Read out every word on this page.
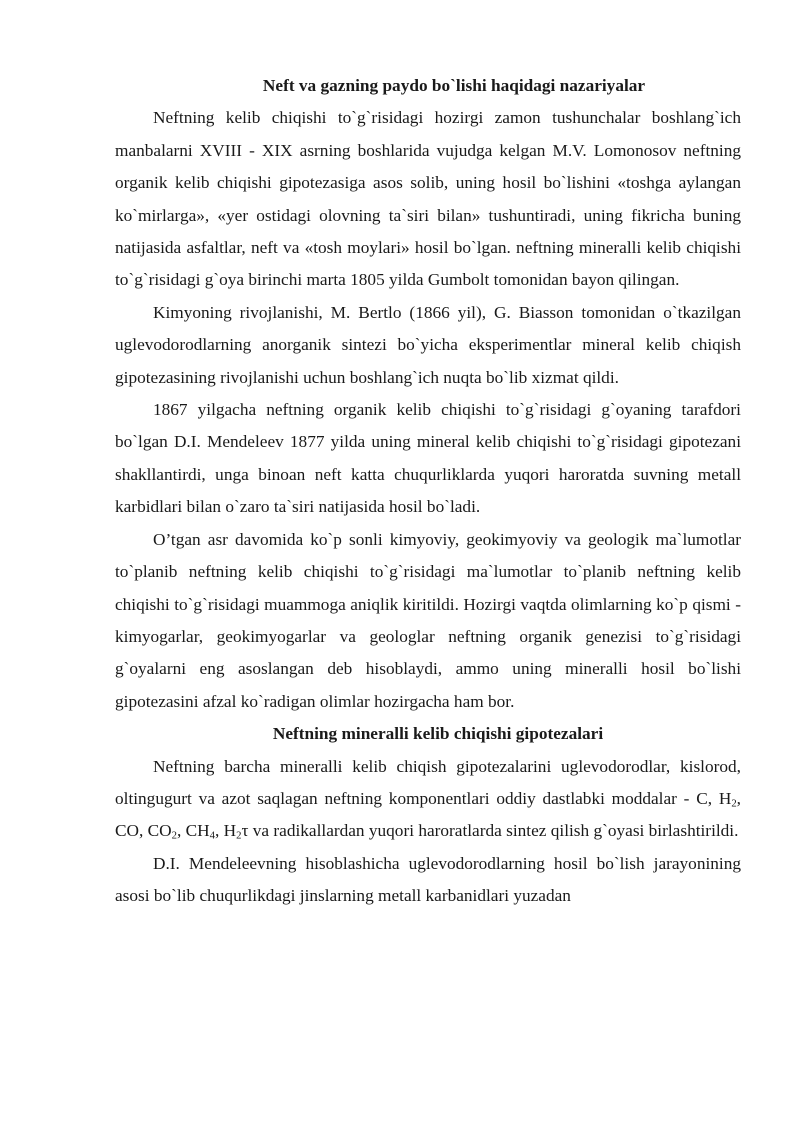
Neft va gazning paydo bo`lishi haqidagi nazariyalar

Neftning kelib chiqishi to`g`risidagi hozirgi zamon tushunchalar boshlang`ich manbalarni XVIII - XIX asrning boshlarida vujudga kelgan M.V. Lomonosov neftning organik kelib chiqishi gipotezasiga asos solib, uning hosil bo`lishini «toshga aylangan ko`mirlarga», «yer ostidagi olovning ta`siri bilan» tushuntiradi, uning fikricha buning natijasida asfaltlar, neft va «tosh moylari» hosil bo`lgan. neftning mineralli kelib chiqishi to`g`risidagi g`oya birinchi marta 1805 yilda Gumbolt tomonidan bayon qilingan.

Kimyoning rivojlanishi, M. Bertlo (1866 yil), G. Biasson tomonidan o`tkazilgan uglevodorodlarning anorganik sintezi bo`yicha eksperimentlar mineral kelib chiqish gipotezasining rivojlanishi uchun boshlang`ich nuqta bo`lib xizmat qildi.

1867 yilgacha neftning organik kelib chiqishi to`g`risidagi g`oyaning tarafdori bo`lgan D.I. Mendeleev 1877 yilda uning mineral kelib chiqishi to`g`risidagi gipotezani shakllantirdi, unga binoan neft katta chuqurliklarda yuqori haroratda suvning metall karbidlari bilan o`zaro ta`siri natijasida hosil bo`ladi.

O’tgan asr davomida ko`p sonli kimyoviy, geokimyoviy va geologik ma`lumotlar to`planib neftning kelib chiqishi to`g`risidagi ma`lumotlar to`planib neftning kelib chiqishi to`g`risidagi muammoga aniqlik kiritildi. Hozirgi vaqtda olimlarning ko`p qismi - kimyogarlar, geokimyogarlar va geologlar neftning organik genezisi to`g`risidagi g`oyalarni eng asoslangan deb hisoblaydi, ammo uning mineralli hosil bo`lishi gipotezasini afzal ko`radigan olimlar hozirgacha ham bor.

Neftning mineralli kelib chiqishi gipotezalari

Neftning barcha mineralli kelib chiqish gipotezalarini uglevodorodlar, kislorod, oltingugurt va azot saqlagan neftning komponentlari oddiy dastlabki moddalar - C, $H_2$, CO, $CO_2$, $CH_4$, $H_2\tau$ va radikallardan yuqori haroratlarda sintez qilish g`oyasi birlashtirildi.

D.I. Mendeleevning hisoblashicha uglevodorodlarning hosil bo`lish jarayonining asosi bo`lib chuqurlikdagi jinslarning metall karbanidlari yuzadan
